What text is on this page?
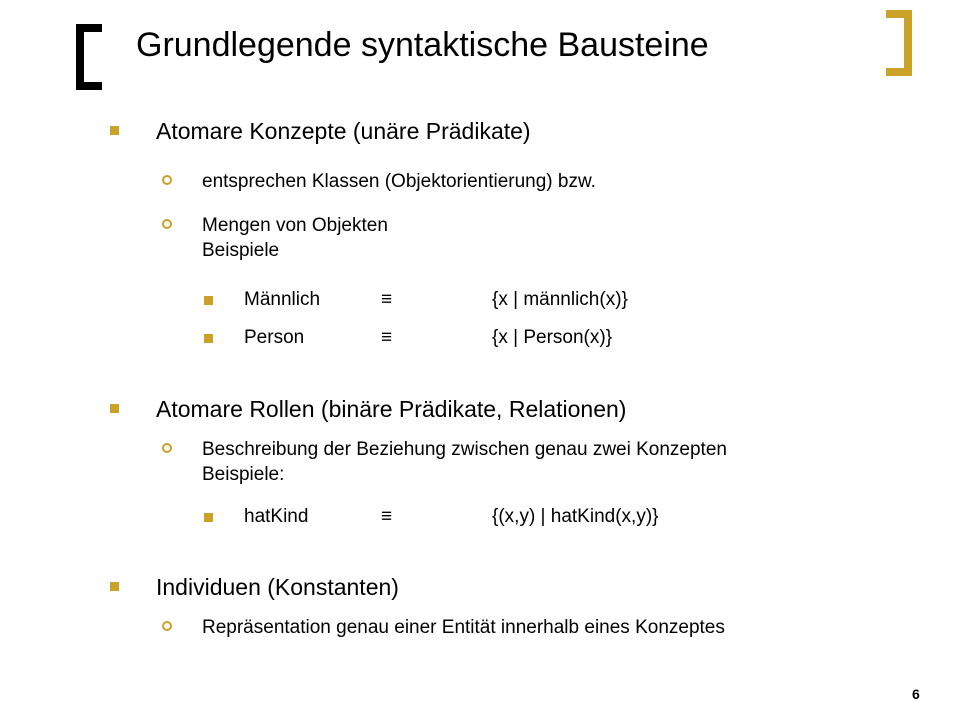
Grundlegende syntaktische Bausteine
Atomare Konzepte (unäre Prädikate)
entsprechen Klassen (Objektorientierung) bzw.
Mengen von Objekten
Beispiele
Männlich	≡	{x | männlich(x)}
Person	≡	{x | Person(x)}
Atomare Rollen (binäre Prädikate, Relationen)
Beschreibung der Beziehung zwischen genau zwei Konzepten
Beispiele:
hatKind	≡	{(x,y) | hatKind(x,y)}
Individuen (Konstanten)
Repräsentation genau einer Entität innerhalb eines Konzeptes
6
